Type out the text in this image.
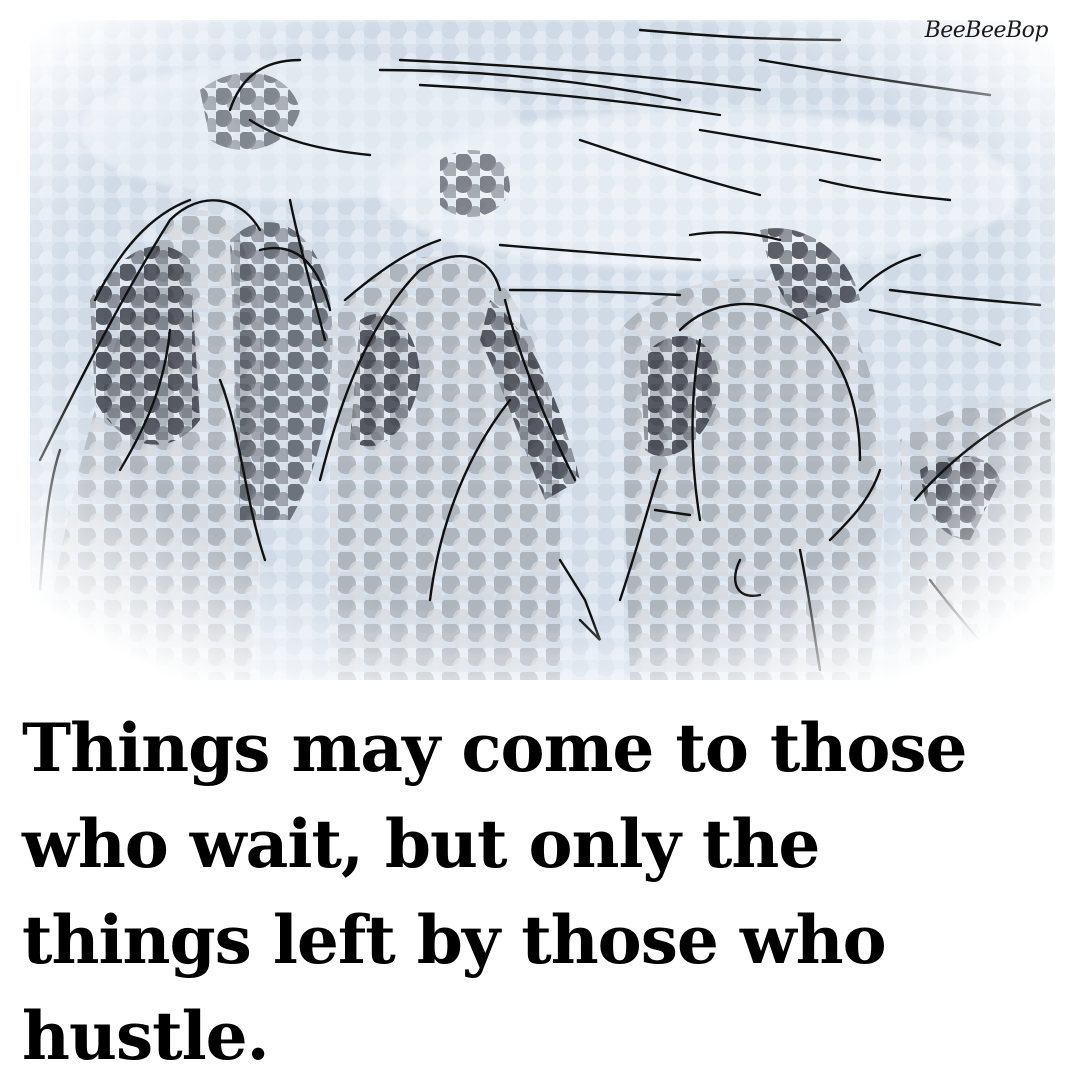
BeeBeeBop

Things may come to those who wait, but only the things left by those who hustle.
